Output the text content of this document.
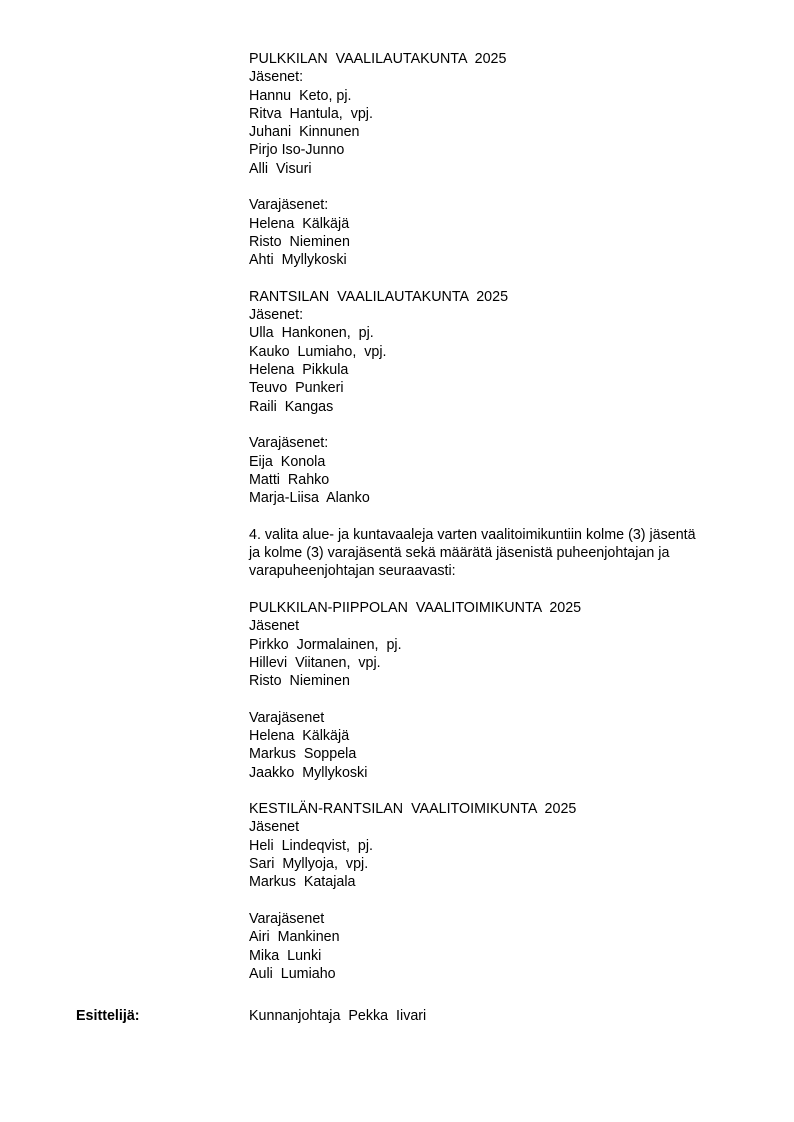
PULKKILAN  VAALILAUTAKUNTA  2025
Jäsenet:
Hannu  Keto, pj.
Ritva  Hantula,  vpj.
Juhani  Kinnunen
Pirjo Iso-Junno
Alli  Visuri
Varajäsenet:
Helena  Kälkäjä
Risto  Nieminen
Ahti  Myllykoski
RANTSILAN  VAALILAUTAKUNTA  2025
Jäsenet:
Ulla  Hankonen,  pj.
Kauko  Lumiaho,  vpj.
Helena  Pikkula
Teuvo  Punkeri
Raili  Kangas
Varajäsenet:
Eija  Konola
Matti  Rahko
Marja-Liisa  Alanko

4. valita alue- ja kuntavaaleja varten vaalitoimikuntiin kolme (3) jäsentä ja kolme (3) varajäsentä sekä määrätä jäsenistä puheenjohtajan ja varapuheenjohtajan seuraavasti:

PULKKILAN-PIIPPOLAN  VAALITOIMIKUNTA  2025
Jäsenet
Pirkko  Jormalainen,  pj.
Hillevi  Viitanen,  vpj.
Risto  Nieminen
Varajäsenet
Helena  Kälkäjä
Markus  Soppela
Jaakko  Myllykoski
KESTILÄN-RANTSILAN  VAALITOIMIKUNTA  2025
Jäsenet
Heli  Lindeqvist,  pj.
Sari  Myllyoja,  vpj.
Markus  Katajala
Varajäsenet
Airi  Mankinen
Mika  Lunki
Auli  Lumiaho
Esittelijä:	Kunnanjohtaja  Pekka  Iivari
